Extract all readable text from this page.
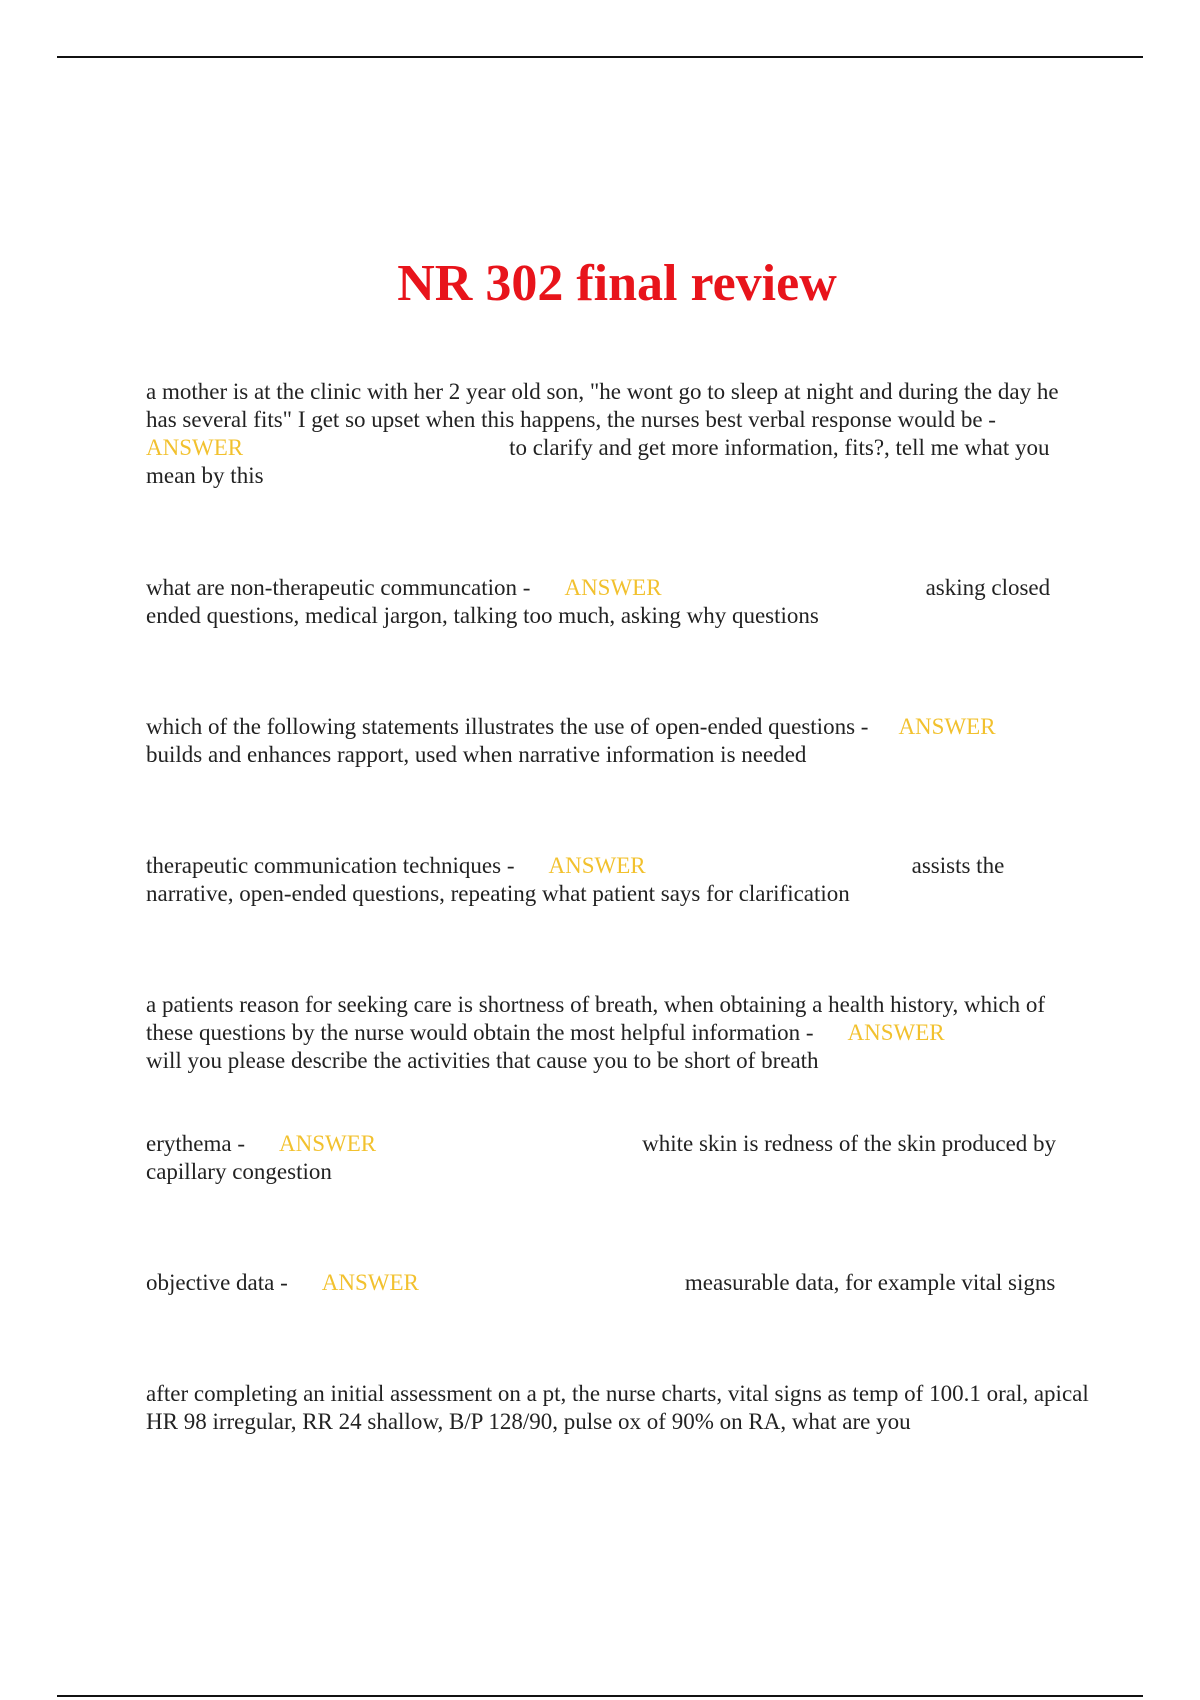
NR 302 final review

a mother is at the clinic with her 2 year old son, "he wont go to sleep at night and during the day he has several fits" I get so upset when this happens, the nurses best verbal response would be -
ANSWER	to clarify and get more information, fits?, tell me what you mean by this

what are non-therapeutic communcation - ANSWER	asking closed ended questions, medical jargon, talking too much, asking why questions

which of the following statements illustrates the use of open-ended questions - ANSWER
builds and enhances rapport, used when narrative information is needed

therapeutic communication techniques - ANSWER	assists the narrative, open-ended questions, repeating what patient says for clarification

a patients reason for seeking care is shortness of breath, when obtaining a health history, which of these questions by the nurse would obtain the most helpful information - ANSWER
will you please describe the activities that cause you to be short of breath

erythema - ANSWER	white skin is redness of the skin produced by capillary congestion

objective data - ANSWER	measurable data, for example vital signs

after completing an initial assessment on a pt, the nurse charts, vital signs as temp of 100.1 oral, apical HR 98 irregular, RR 24 shallow, B/P 128/90, pulse ox of 90% on RA, what are you
